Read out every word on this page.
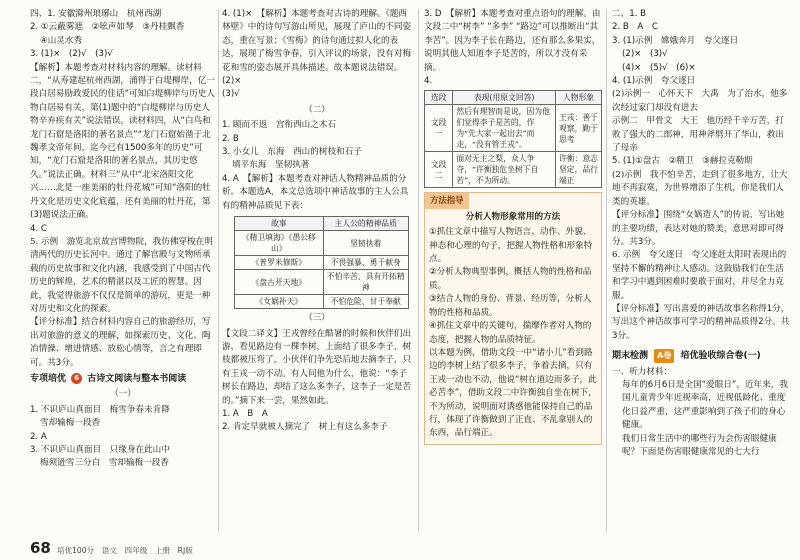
四、1. 安徽滁州琅琊山　杭州西湖

2. ①云蔽雾遮　②吆声如琴　③丹桂飘香

④山灵水秀

3. (1)×　(2)√　(3)√

【解析】本题考查对材料内容的理解。读材料二，“从寿建起杭州西湖，涌得于白堤柳岸，亿一段白居易励政爱民的佳话”可知白堤柳岸与历史人物白居易有关，第(1)题中的“白堤柳岸与历史人物辛弃疾有关”说法错误。读材料四，从“白鸟和龙门石窟是洛阳的著名景点”“龙门石窟始凿于北魏孝文帝年间，迄今已有1500多年的历史”可知，“龙门石窟是洛阳的著名景点，其历史悠久。”说法正确。材料三“从中“北宋洛阳文化兴……北是一座美丽的牡丹花城”可知“洛阳的牡丹文化是历史文化底蕴，还有美丽的牡丹花，第(3)题说法正确。

4. C

5. 示例　游览北京故宫博物院，我仿佛穿梭在明清两代的历史长河中。通过了解宫殿与文物所承载的历史故事和文化内涵，我感受到了中国古代历史的辉煌，艺术的精湛以及工匠的智慧。因此，我觉得旅游不仅仅是简单的游玩，更是一种对历史和文化的探索。

【评分标准】结合材料内容自己的旅游经历，写出对旅游的意义的理解，如探索历史、文化、陶冶情操、增进情感、放松心情等，言之有理即可。共3分。

专项培优 6 古诗文阅读与整本书阅读

（一）

1. 不识庐山真面目　梅雪争春未肯降

雪却输梅一段香

2. A

3. 不识庐山真面目　只缘身在此山中

梅须逊雪三分白　雪却输梅一段香

4. (1)×　【解析】本题考查对古诗的理解。《题西林壁》中的诗句写游山所见，展现了庐山的不同姿态，重在写景；《雪梅》的诗句通过拟人化的表达，展现了梅雪争春，引入评议的场景，没有对梅花和雪的姿态展开具体描述。故本题说法错误。

(2)×

(3)√

（二）

1. 顾而不返　宫衔西山之木石

2. B

3. 小女儿　东海　西山的树枝和石子

填平东海　坚韧执著

4. A　【解析】本题考查对神话人物精神品质的分析。本题选A，本文总选项中神话故事的主人公具有的精神品质见下表：

故事	主人公的精神品质
《精卫填海》《愚公移山》	坚韧执着
《普罗米修斯》	不畏强暴、勇于献身
《盘古开天地》	不怕辛苦、具有开拓精神
《女娲补天》	不怕危险、甘于奉献

（三）

【文段二译文】王戎曾经在酷暑的时候和伙伴们出游，看见路边有一棵李树，上面结了很多李子，树枝都被压弯了，小伙伴们争先恐后地去摘李子，只有王戎一动不动。有人问他为什么，他说：“李子树长在路边，却结了这么多李子，这李子一定是苦的。”摘下来一尝，果然如此。

1. A　B　A

2. 肯定早就被人摘完了　树上有这么多李子

3. D　【解析】本题考查对重点语句的理解。由文段二中“树李” “多李” “路边”可以推断出“其李苦”。因为李子长在路边，还有那么多果实，说明其他人知道李子是苦的，所以才没有采摘。

4.

选段	表现(用原文回答)	人物形象
文段一	然后有理智而是说，因为他们觉得李子是苦的，作为“先大家一起出去”而走，“没有管王戎”。	王戎：善于观察，勤于思考
文段二	面对无主之梨，众人争夺，“许衡独危坐树下自若”，不为所动。	许衡：意志坚定，品行端正
方法指导

分析人物形象常用的方法

①抓住文章中描写人物语言、动作、外貌、神态和心理的句子，把握人物性格和形象特点。

②分析人物典型事例，概括人物的性格和品质。

③结合人物的身份、背景、经历等，分析人物的性格和品质。

④抓住文章中的关键句，揣摩作者对人物的态度，把握人物的品质特征。

以本题为例，借助文段一中“诸小儿”看到路边的李树上结了很多李子，争着去摘，只有王戎一动也不动，他说“树在道边而多子，此必苦李”，借助文段二中许衡独自坐在树下，不为所动，说明面对诱惑他能保持自己的品行，体现了许衡做到了正直、不乱拿别人的东西，品行端正。

二、1. B

2. B　A　C

3. (1)示例　嫦娥奔月　夸父逐日

(2)×　(3)√

(4)×　(5)√　(6)×

4. (1)示例　夸父逐日

(2)示例一　心怀天下　大禹　为了治水，他多次经过家门却没有进去

示例二　甲骨文　大王　他历经千辛万苦，打败了强大的二郎神，用神斧劈开了华山，救出了母亲

5. (1)①盘古　②精卫　③赫拉克勒斯

(2)示例　我不怕辛苦，走到了很多地方，让大地不再寂寞，为世界增添了生机，你是我们人类的英雄。

【评分标准】围绕“女娲造人”的传说，写出她的主要功绩，表达对她的赞美，意思对即可得分。共3分。

6. 示例　夸父逐日　夸父逐赶太阳时表现出的坚持不懈的精神让人感动。这鼓励我们在生活和学习中遇到困难时要敢于面对，并尽全力克服。

【评分标准】写出喜爱的神话故事名称得1分，写出这个神话故事可学习的精神品质得2分。共3分。

期末检测 A卷 培优验收综合卷(一)

一、听力材料：

每年的6月6日是全国“爱眼日”。近年来，我国儿童青少年近视率高，近视低龄化、重度化日益严重，这严重影响到了孩子们的身心健康。

我们日常生活中的哪些行为会伤害眼健康呢？下面是伤害眼健康常见的七大行

68 培优100分　语文　四年级　上册　RJ版
